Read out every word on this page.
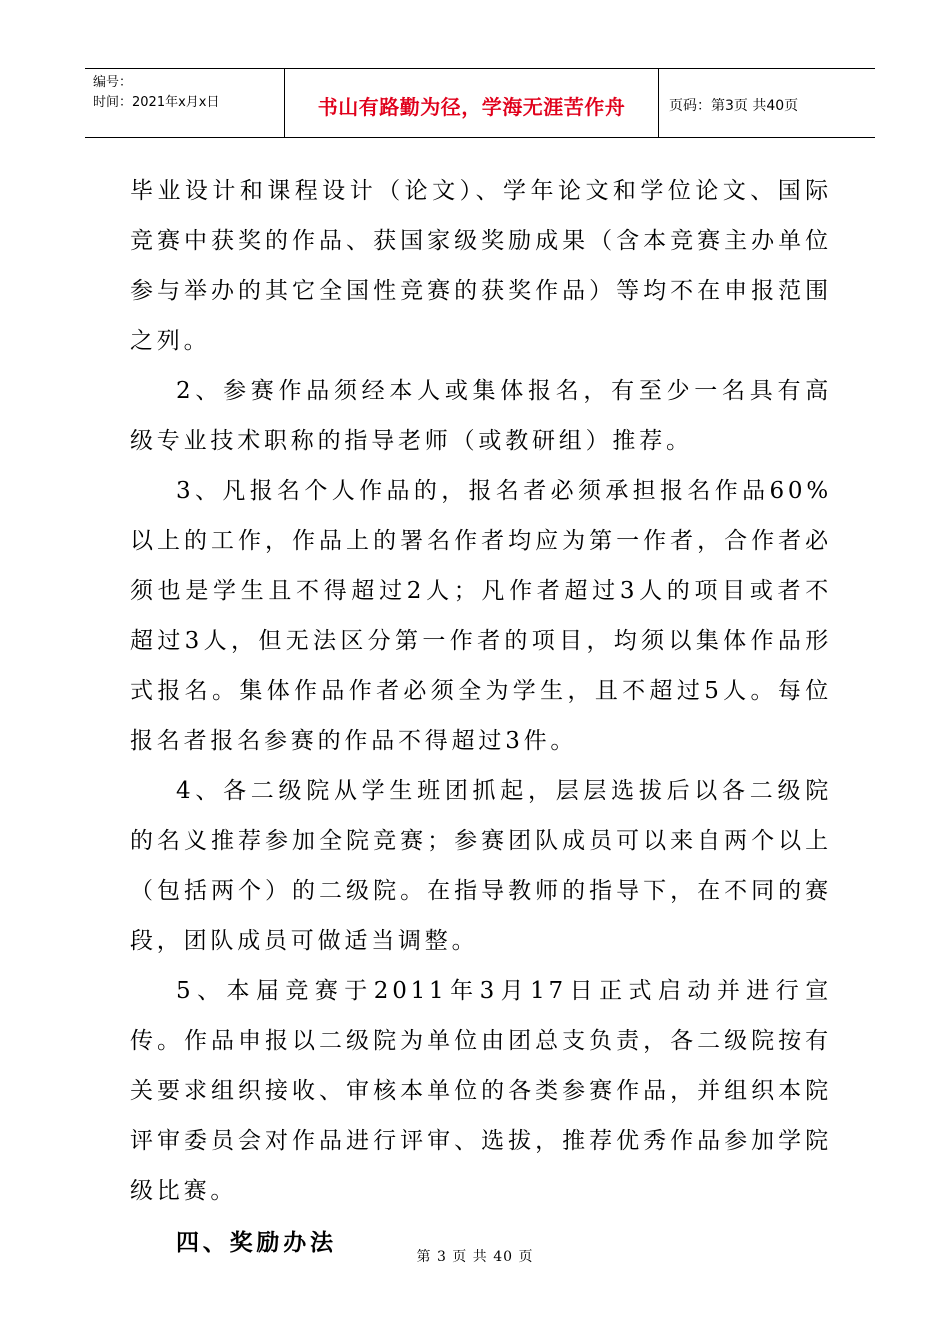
编号：
时间：2021年x月x日	书山有路勤为径，学海无涯苦作舟	页码：第3页 共40页

毕业设计和课程设计（论文）、学年论文和学位论文、国际竞赛中获奖的作品、获国家级奖励成果（含本竞赛主办单位参与举办的其它全国性竞赛的获奖作品）等均不在申报范围之列。

2、参赛作品须经本人或集体报名，有至少一名具有高级专业技术职称的指导老师（或教研组）推荐。

3、凡报名个人作品的，报名者必须承担报名作品60%以上的工作，作品上的署名作者均应为第一作者，合作者必须也是学生且不得超过2人；凡作者超过3人的项目或者不超过3人，但无法区分第一作者的项目，均须以集体作品形式报名。集体作品作者必须全为学生，且不超过5人。每位报名者报名参赛的作品不得超过3件。

4、各二级院从学生班团抓起，层层选拔后以各二级院的名义推荐参加全院竞赛；参赛团队成员可以来自两个以上（包括两个）的二级院。在指导教师的指导下，在不同的赛段，团队成员可做适当调整。

5、本届竞赛于2011年3月17日正式启动并进行宣传。作品申报以二级院为单位由团总支负责，各二级院按有关要求组织接收、审核本单位的各类参赛作品，并组织本院评审委员会对作品进行评审、选拔，推荐优秀作品参加学院级比赛。

四、奖励办法

第 3 页 共 40 页
